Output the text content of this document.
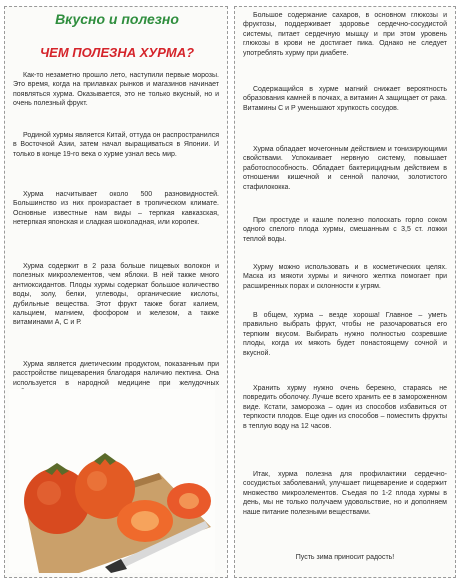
Вкусно и полезно
ЧЕМ ПОЛЕЗНА ХУРМА?

Как-то незаметно прошло лето, наступили первые морозы. Это время, когда на прилавках рынков и магазинов начинает появляться хурма. Оказывается, это не только вкусный, но и очень полезный фрукт.

Родиной хурмы является Китай, оттуда он распространился в Восточной Азии, затем начал выращиваться в Японии. И только в конце 19-го века о хурме узнал весь мир.

Хурма насчитывает около 500 разновидностей. Большинство из них произрастает в тропическом климате. Основные известные нам виды – терпкая кавказская, нетерпкая японская и сладкая шоколадная, или королек.

Хурма содержит в 2 раза больше пищевых волокон и полезных микроэлементов, чем яблоки. В ней также много антиоксидантов. Плоды хурмы содержат большое количество воды, золу, белки, углеводы, органические кислоты, дубильные вещества. Этот фрукт также богат калием, кальцием, магнием, фосфором и железом, а также витаминами А, С и Р.

Хурма является диетическим продуктом, показанным при расстройстве пищеварения благодаря наличию пектина. Она используется в народной медицине при желудочных

Большое содержание сахаров, в основном глюкозы и фруктозы, поддерживает здоровье сердечно-сосудистой системы, питает сердечную мышцу и при этом уровень глюкозы в крови не достигает пика. Однако не следует употреблять хурму при диабете.

Содержащийся в хурме магний снижает вероятность образования камней в почках, а витамин А защищает от рака. Витамины С и Р уменьшают хрупкость сосудов.

Хурма обладает мочегонным действием и тонизирующими свойствами. Успокаивает нервную систему, повышает работоспособность. Обладает бактерицидным действием в отношении кишечной и сенной палочки, золотистого стафилококка.

При простуде и кашле полезно полоскать горло соком одного спелого плода хурмы, смешанным с 3,5 ст. ложки теплой воды.

Хурму можно использовать и в косметических целях. Маска из мякоти хурмы и яичного желтка помогает при расширенных порах и склонности к угрям.

В общем, хурма – везде хороша! Главное – уметь правильно выбрать фрукт, чтобы не разочароваться его терпким вкусом. Выбирать нужно полностью созревшие плоды, когда их мякоть будет понастоящему сочной и вкусной.

Хранить хурму нужно очень бережно, стараясь не повредить оболочку. Лучше всего хранить ее в замороженном виде. Кстати, заморозка – один из способов избавиться от терпкости плодов. Еще один из способов – поместить фрукты в теплую воду на 12 часов.

Итак, хурма полезна для профилактики сердечно-сосудистых заболеваний, улучшает пищеварение и содержит множество микроэлементов. Съедая по 1-2 плода хурмы в день, мы не только получаем удовольствие, но и дополняем наше питание полезными веществами.

Пусть зима приносит радость!
